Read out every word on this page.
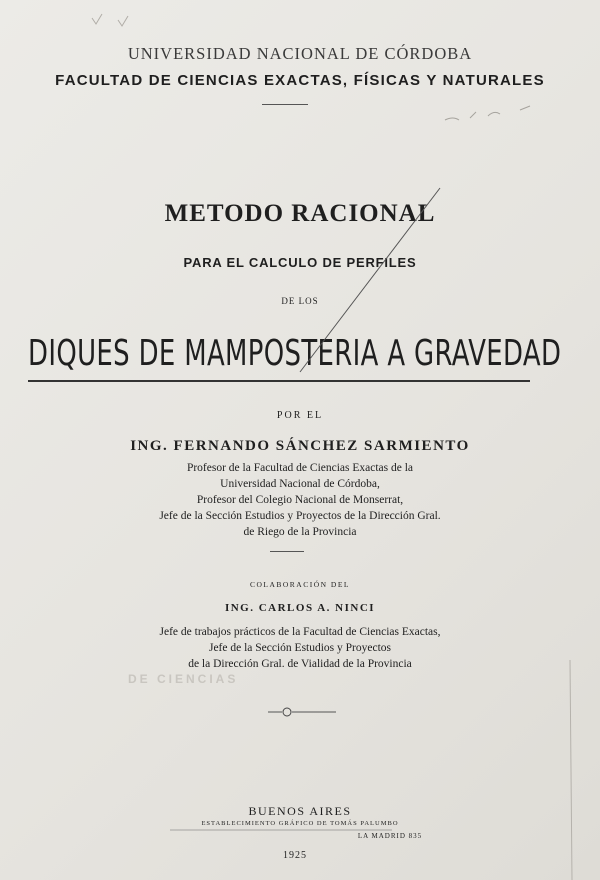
UNIVERSIDAD NACIONAL DE CÓRDOBA
FACULTAD DE CIENCIAS EXACTAS, FÍSICAS Y NATURALES
METODO RACIONAL
PARA EL CALCULO DE PERFILES
DE LOS
DIQUES DE MAMPOSTERIA A GRAVEDAD
POR EL
ING. FERNANDO SÁNCHEZ SARMIENTO
Profesor de la Facultad de Ciencias Exactas de la
Universidad Nacional de Córdoba,
Profesor del Colegio Nacional de Monserrat,
Jefe de la Sección Estudios y Proyectos de la Dirección Gral.
de Riego de la Provincia
COLABORACIÓN DEL
ING. CARLOS A. NINCI
Jefe de trabajos prácticos de la Facultad de Ciencias Exactas,
Jefe de la Sección Estudios y Proyectos
de la Dirección Gral. de Vialidad de la Provincia
DE CIENCIAS
BUENOS AIRES
ESTABLECIMIENTO GRÁFICO DE TOMÁS PALUMBO
LA MADRID 835
1925
